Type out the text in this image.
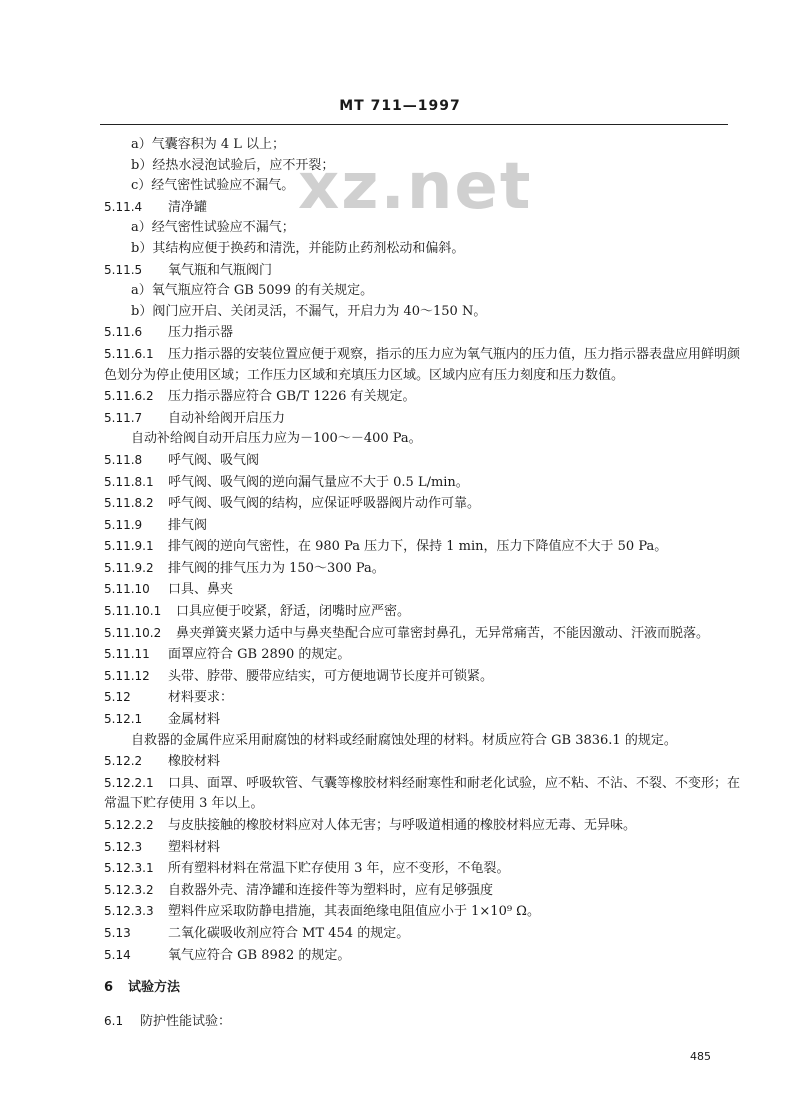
MT 711—1997
xz.net
a）气囊容积为 4 L 以上；
b）经热水浸泡试验后，应不开裂；
c）经气密性试验应不漏气。
5.11.4 清净罐
a）经气密性试验应不漏气；
b）其结构应便于换药和清洗，并能防止药剂松动和偏斜。
5.11.5 氧气瓶和气瓶阀门
a）氧气瓶应符合 GB 5099 的有关规定。
b）阀门应开启、关闭灵活，不漏气，开启力为 40～150 N。
5.11.6 压力指示器
5.11.6.1 压力指示器的安装位置应便于观察，指示的压力应为氧气瓶内的压力值，压力指示器表盘应用鲜明颜色划分为停止使用区域；工作压力区域和充填压力区域。区域内应有压力刻度和压力数值。
5.11.6.2 压力指示器应符合 GB/T 1226 有关规定。
5.11.7 自动补给阀开启压力
自动补给阀自动开启压力应为－100～－400 Pa。
5.11.8 呼气阀、吸气阀
5.11.8.1 呼气阀、吸气阀的逆向漏气量应不大于 0.5 L/min。
5.11.8.2 呼气阀、吸气阀的结构，应保证呼吸器阀片动作可靠。
5.11.9 排气阀
5.11.9.1 排气阀的逆向气密性，在 980 Pa 压力下，保持 1 min，压力下降值应不大于 50 Pa。
5.11.9.2 排气阀的排气压力为 150～300 Pa。
5.11.10 口具、鼻夹
5.11.10.1 口具应便于咬紧，舒适，闭嘴时应严密。
5.11.10.2 鼻夹弹簧夹紧力适中与鼻夹垫配合应可靠密封鼻孔，无异常痛苦，不能因激动、汗液而脱落。
5.11.11 面罩应符合 GB 2890 的规定。
5.11.12 头带、脖带、腰带应结实，可方便地调节长度并可锁紧。
5.12	材料要求：
5.12.1 金属材料
自救器的金属件应采用耐腐蚀的材料或经耐腐蚀处理的材料。材质应符合 GB 3836.1 的规定。
5.12.2 橡胶材料
5.12.2.1 口具、面罩、呼吸软管、气囊等橡胶材料经耐寒性和耐老化试验，应不粘、不沾、不裂、不变形；在常温下贮存使用 3 年以上。
5.12.2.2 与皮肤接触的橡胶材料应对人体无害；与呼吸道相通的橡胶材料应无毒、无异味。
5.12.3 塑料材料
5.12.3.1 所有塑料材料在常温下贮存使用 3 年，应不变形，不龟裂。
5.12.3.2 自救器外壳、清净罐和连接件等为塑料时，应有足够强度
5.12.3.3 塑料件应采取防静电措施，其表面绝缘电阻值应小于 1×10⁹ Ω。
5.13	二氧化碳吸收剂应符合 MT 454 的规定。
5.14	氧气应符合 GB 8982 的规定。
6 试验方法
6.1 防护性能试验：
485
